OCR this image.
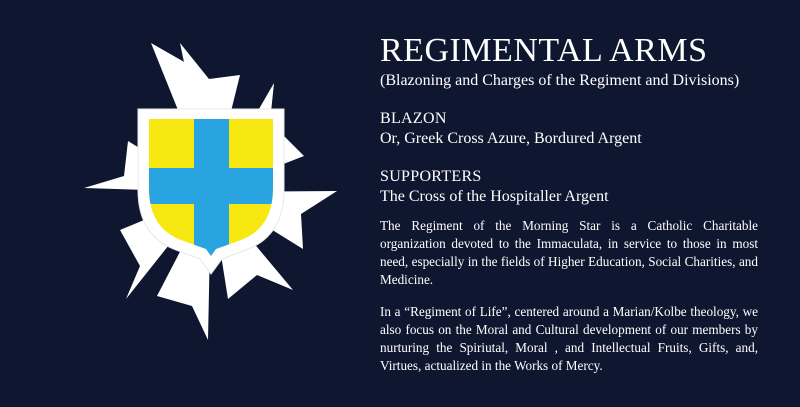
REGIMENTAL ARMS

(Blazoning and Charges of the Regiment and Divisions)

BLAZON

Or, Greek Cross Azure, Bordured Argent

SUPPORTERS

The Cross of the Hospitaller Argent

The Regiment of the Morning Star is a Catholic Charitable organization devoted to the Immaculata, in service to those in most need, especially in the fields of Higher Education, Social Charities, and Medicine.

In a “Regiment of Life”, centered around a Marian/Kolbe theology, we also focus on the Moral and Cultural development of our members by nurturing the Spiriutal, Moral , and Intellectual Fruits, Gifts, and, Virtues, actualized in the Works of Mercy.
